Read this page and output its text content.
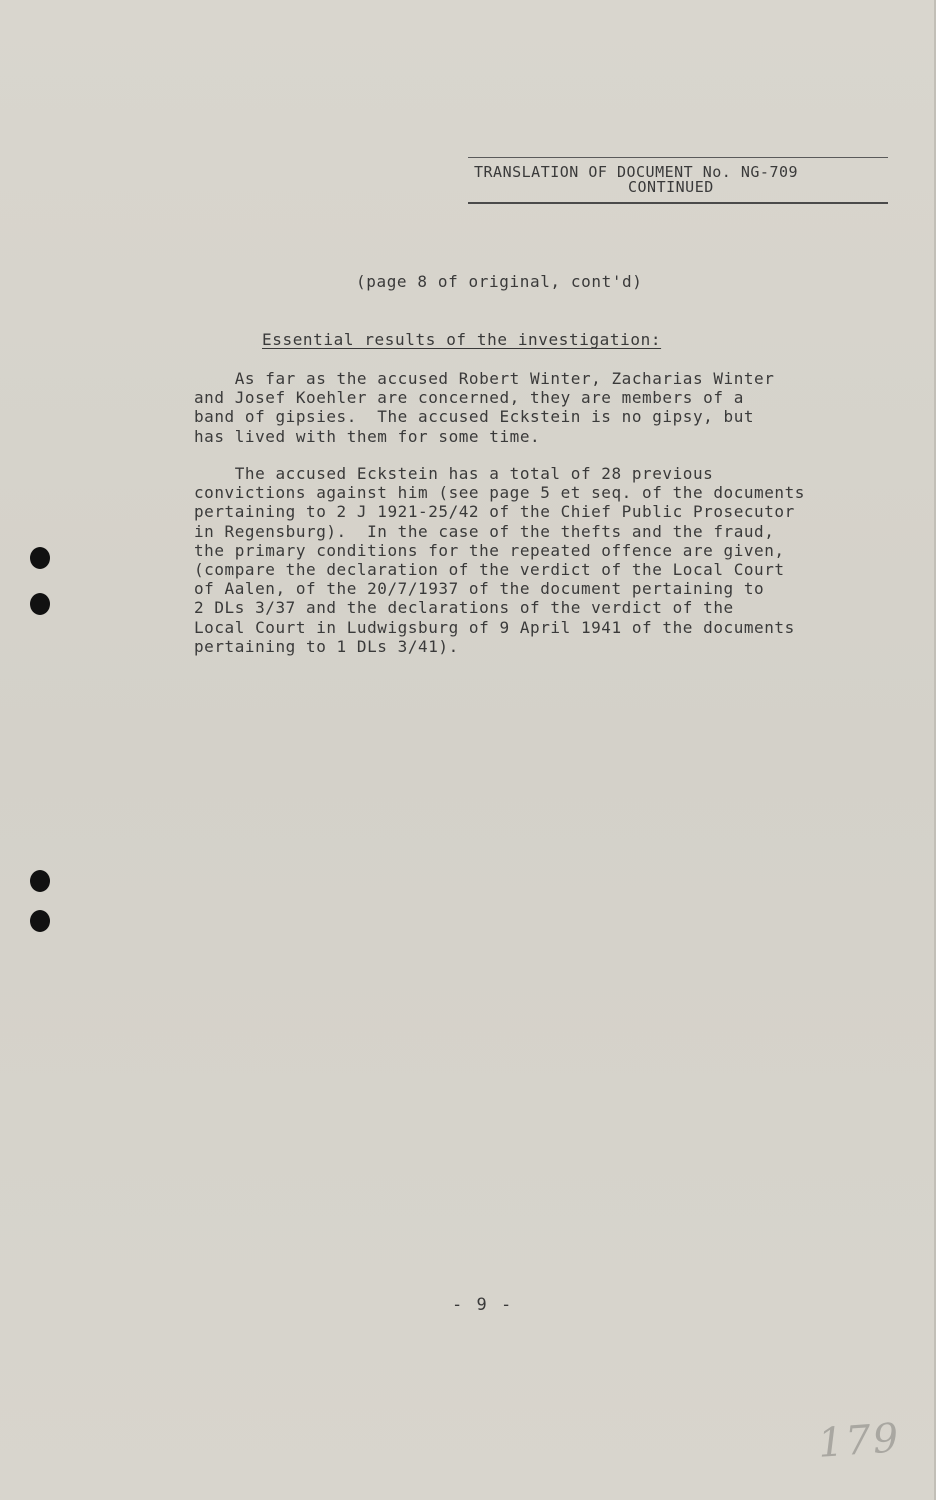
TRANSLATION OF DOCUMENT No. NG-709
CONTINUED
(page 8 of original, cont'd)
Essential results of the investigation:
As far as the accused Robert Winter, Zacharias Winter
and Josef Koehler are concerned, they are members of a
band of gipsies.  The accused Eckstein is no gipsy, but
has lived with them for some time.
The accused Eckstein has a total of 28 previous
convictions against him (see page 5 et seq. of the documents
pertaining to 2 J 1921-25/42 of the Chief Public Prosecutor
in Regensburg).  In the case of the thefts and the fraud,
the primary conditions for the repeated offence are given,
(compare the declaration of the verdict of the Local Court
of Aalen, of the 20/7/1937 of the document pertaining to
2 DLs 3/37 and the declarations of the verdict of the
Local Court in Ludwigsburg of 9 April 1941 of the documents
pertaining to 1 DLs 3/41).
- 9 -
179
